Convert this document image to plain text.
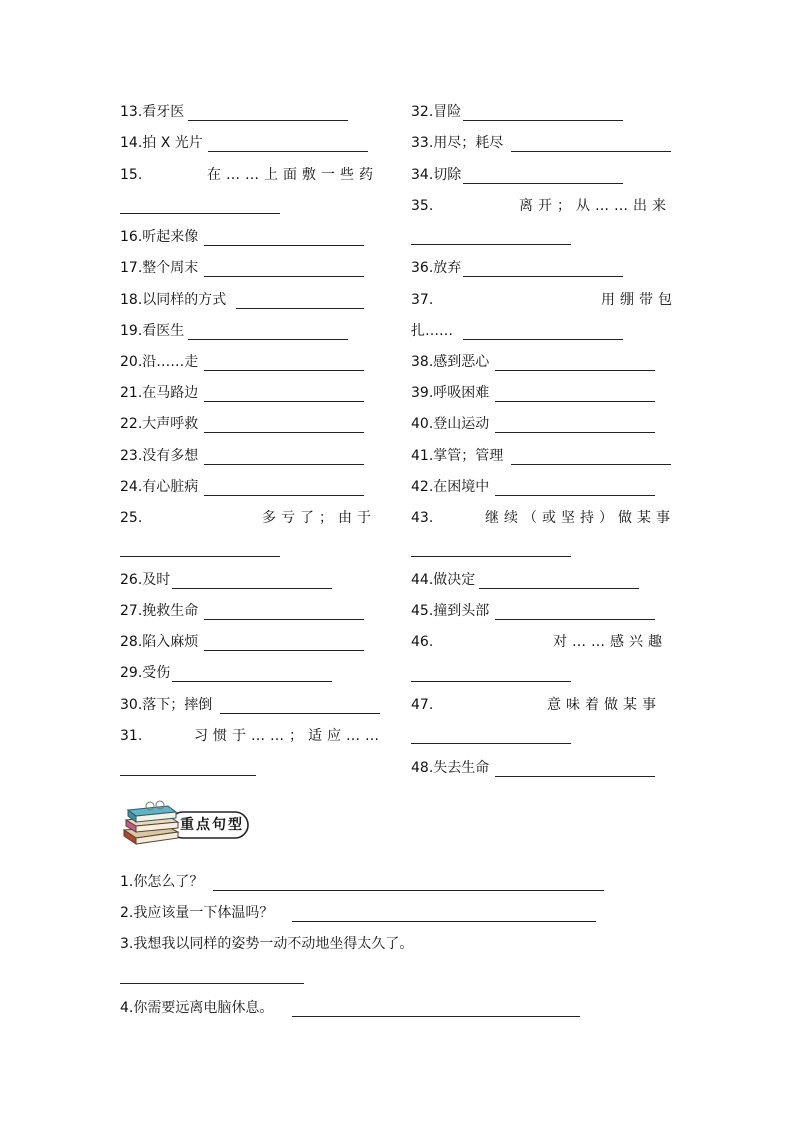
13.看牙医
14.拍 X 光片
15.	在……上面敷一些药
16.听起来像
17.整个周末
18.以同样的方式
19.看医生
20.沿……走
21.在马路边
22.大声呼救
23.没有多想
24.有心脏病
25.	多亏了；由于
26.及时
27.挽救生命
28.陷入麻烦
29.受伤
30.落下；摔倒
31.	习惯于……；适应……
32.冒险
33.用尽；耗尽
34.切除
35.	离开；从……出来
36.放弃
37.	用绷带包
扎……
38.感到恶心
39.呼吸困难
40.登山运动
41.掌管；管理
42.在困境中
43.	继续（或坚持）做某事
44.做决定
45.撞到头部
46.	对……感兴趣
47.	意味着做某事
48.失去生命
重点句型
1.你怎么了？
2.我应该量一下体温吗？
3.我想我以同样的姿势一动不动地坐得太久了。
4.你需要远离电脑休息。
